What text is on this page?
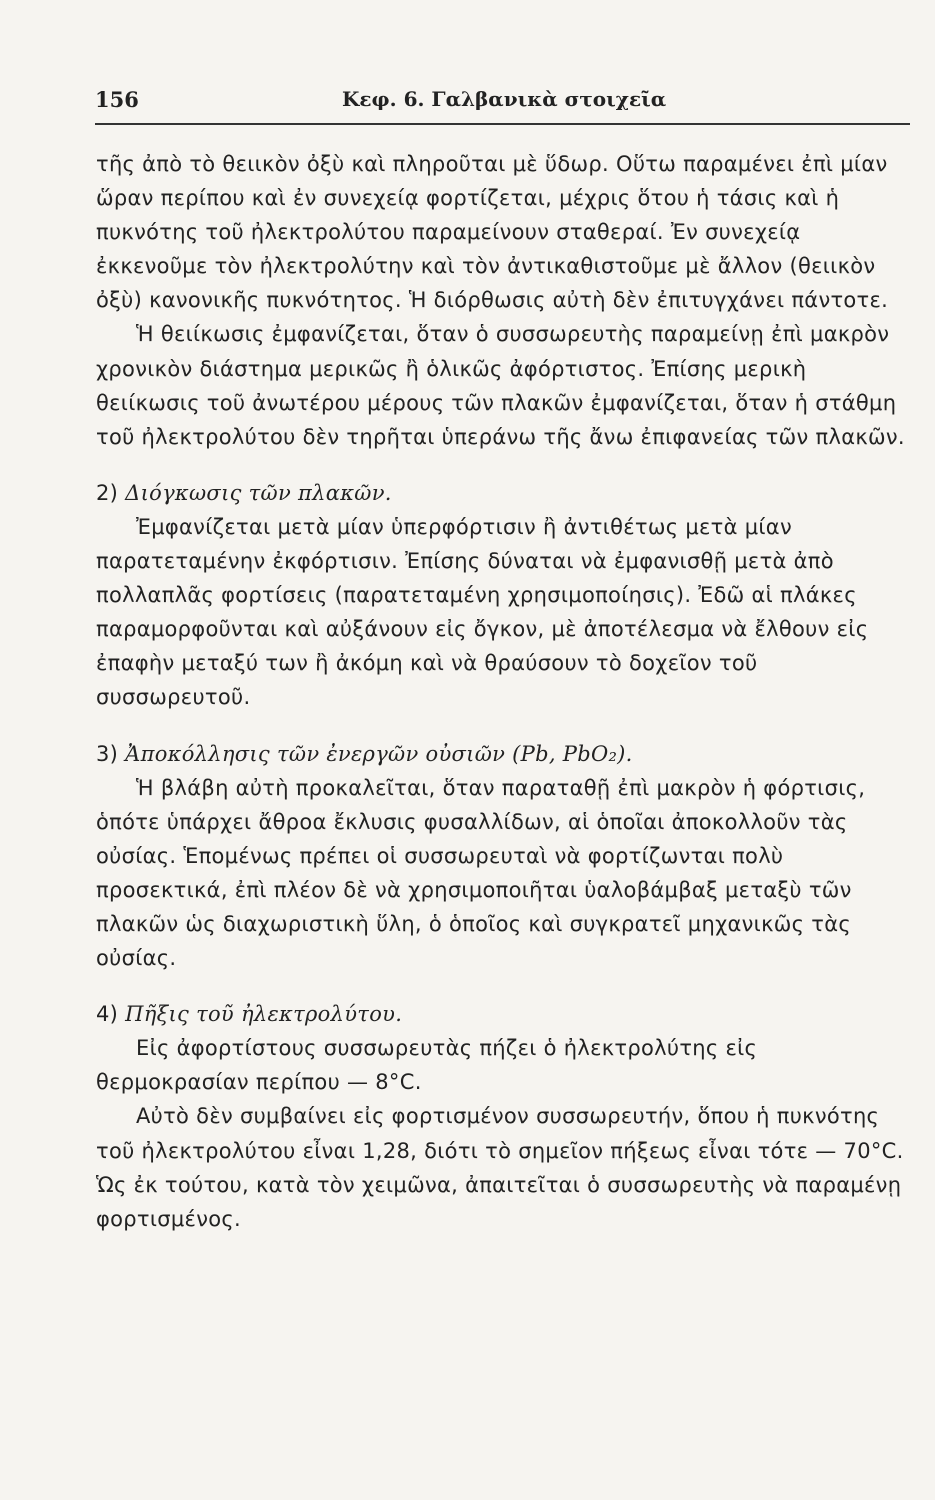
156	Κεφ. 6. Γαλβανικὰ στοιχεῖα

τῆς ἀπὸ τὸ θειικὸν ὀξὺ καὶ πληροῦται μὲ ὕδωρ. Οὕτω παραμένει ἐπὶ μίαν ὥραν περίπου καὶ ἐν συνεχείᾳ φορτίζεται, μέχρις ὅτου ἡ τάσις καὶ ἡ πυκνότης τοῦ ἠλεκτρολύτου παραμείνουν σταθεραί. Ἐν συνεχείᾳ ἐκκενοῦμε τὸν ἠλεκτρολύτην καὶ τὸν ἀντικαθιστοῦμε μὲ ἄλλον (θειικὸν ὀξὺ) κανονικῆς πυκνότητος. Ἡ διόρθωσις αὐτὴ δὲν ἐπιτυγχάνει πάντοτε.

Ἡ θειίκωσις ἐμφανίζεται, ὅταν ὁ συσσωρευτὴς παραμείνῃ ἐπὶ μακρὸν χρονικὸν διάστημα μερικῶς ἢ ὁλικῶς ἀφόρτιστος. Ἐπίσης μερικὴ θειίκωσις τοῦ ἀνωτέρου μέρους τῶν πλακῶν ἐμφανίζεται, ὅταν ἡ στάθμη τοῦ ἠλεκτρολύτου δὲν τηρῆται ὑπεράνω τῆς ἄνω ἐπιφανείας τῶν πλακῶν.

2) Διόγκωσις τῶν πλακῶν.

Ἐμφανίζεται μετὰ μίαν ὑπερφόρτισιν ἢ ἀντιθέτως μετὰ μίαν παρατεταμένην ἐκφόρτισιν. Ἐπίσης δύναται νὰ ἐμφανισθῇ μετὰ ἀπὸ πολλαπλᾶς φορτίσεις (παρατεταμένη χρησιμοποίησις). Ἐδῶ αἱ πλάκες παραμορφοῦνται καὶ αὐξάνουν εἰς ὄγκον, μὲ ἀποτέλεσμα νὰ ἔλθουν εἰς ἐπαφὴν μεταξύ των ἢ ἀκόμη καὶ νὰ θραύσουν τὸ δοχεῖον τοῦ συσσωρευτοῦ.

3) Ἀποκόλλησις τῶν ἐνεργῶν οὐσιῶν (Pb, PbO₂).

Ἡ βλάβη αὐτὴ προκαλεῖται, ὅταν παραταθῇ ἐπὶ μακρὸν ἡ φόρτισις, ὁπότε ὑπάρχει ἄθροα ἔκλυσις φυσαλλίδων, αἱ ὁποῖαι ἀποκολλοῦν τὰς οὐσίας. Ἑπομένως πρέπει οἱ συσσωρευταὶ νὰ φορτίζωνται πολὺ προσεκτικά, ἐπὶ πλέον δὲ νὰ χρησιμοποιῆται ὑαλοβάμβαξ μεταξὺ τῶν πλακῶν ὡς διαχωριστικὴ ὕλη, ὁ ὁποῖος καὶ συγκρατεῖ μηχανικῶς τὰς οὐσίας.

4) Πῆξις τοῦ ἠλεκτρολύτου.

Εἰς ἀφορτίστους συσσωρευτὰς πήζει ὁ ἠλεκτρολύτης εἰς θερμοκρασίαν περίπου — 8°C.

Αὐτὸ δὲν συμβαίνει εἰς φορτισμένον συσσωρευτήν, ὅπου ἡ πυκνότης τοῦ ἠλεκτρολύτου εἶναι 1,28, διότι τὸ σημεῖον πήξεως εἶναι τότε — 70°C. Ὡς ἐκ τούτου, κατὰ τὸν χειμῶνα, ἀπαιτεῖται ὁ συσσωρευτὴς νὰ παραμένῃ φορτισμένος.
